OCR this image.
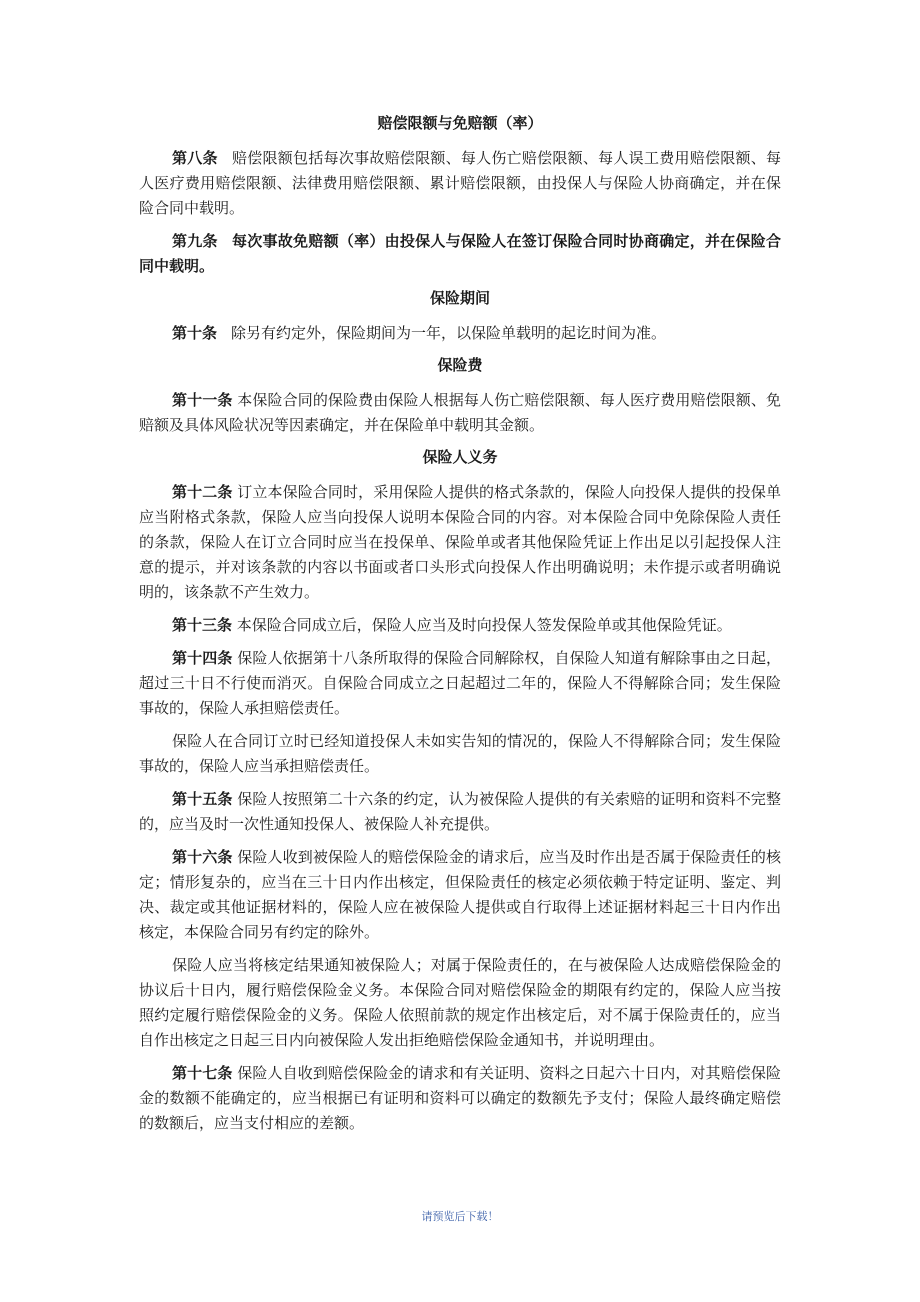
赔偿限额与免赔额（率）

第八条 赔偿限额包括每次事故赔偿限额、每人伤亡赔偿限额、每人误工费用赔偿限额、每人医疗费用赔偿限额、法律费用赔偿限额、累计赔偿限额，由投保人与保险人协商确定，并在保险合同中载明。

第九条 每次事故免赔额（率）由投保人与保险人在签订保险合同时协商确定，并在保险合同中载明。

保险期间

第十条 除另有约定外，保险期间为一年，以保险单载明的起讫时间为准。

保险费

第十一条 本保险合同的保险费由保险人根据每人伤亡赔偿限额、每人医疗费用赔偿限额、免赔额及具体风险状况等因素确定，并在保险单中载明其金额。

保险人义务

第十二条 订立本保险合同时，采用保险人提供的格式条款的，保险人向投保人提供的投保单应当附格式条款，保险人应当向投保人说明本保险合同的内容。对本保险合同中免除保险人责任的条款，保险人在订立合同时应当在投保单、保险单或者其他保险凭证上作出足以引起投保人注意的提示，并对该条款的内容以书面或者口头形式向投保人作出明确说明；未作提示或者明确说明的，该条款不产生效力。

第十三条 本保险合同成立后，保险人应当及时向投保人签发保险单或其他保险凭证。

第十四条 保险人依据第十八条所取得的保险合同解除权，自保险人知道有解除事由之日起，超过三十日不行使而消灭。自保险合同成立之日起超过二年的，保险人不得解除合同；发生保险事故的，保险人承担赔偿责任。

保险人在合同订立时已经知道投保人未如实告知的情况的，保险人不得解除合同；发生保险事故的，保险人应当承担赔偿责任。

第十五条 保险人按照第二十六条的约定，认为被保险人提供的有关索赔的证明和资料不完整的，应当及时一次性通知投保人、被保险人补充提供。

第十六条 保险人收到被保险人的赔偿保险金的请求后，应当及时作出是否属于保险责任的核定；情形复杂的，应当在三十日内作出核定，但保险责任的核定必须依赖于特定证明、鉴定、判决、裁定或其他证据材料的，保险人应在被保险人提供或自行取得上述证据材料起三十日内作出核定，本保险合同另有约定的除外。

保险人应当将核定结果通知被保险人；对属于保险责任的，在与被保险人达成赔偿保险金的协议后十日内，履行赔偿保险金义务。本保险合同对赔偿保险金的期限有约定的，保险人应当按照约定履行赔偿保险金的义务。保险人依照前款的规定作出核定后，对不属于保险责任的，应当自作出核定之日起三日内向被保险人发出拒绝赔偿保险金通知书，并说明理由。

第十七条 保险人自收到赔偿保险金的请求和有关证明、资料之日起六十日内，对其赔偿保险金的数额不能确定的，应当根据已有证明和资料可以确定的数额先予支付；保险人最终确定赔偿的数额后，应当支付相应的差额。

请预览后下载！
